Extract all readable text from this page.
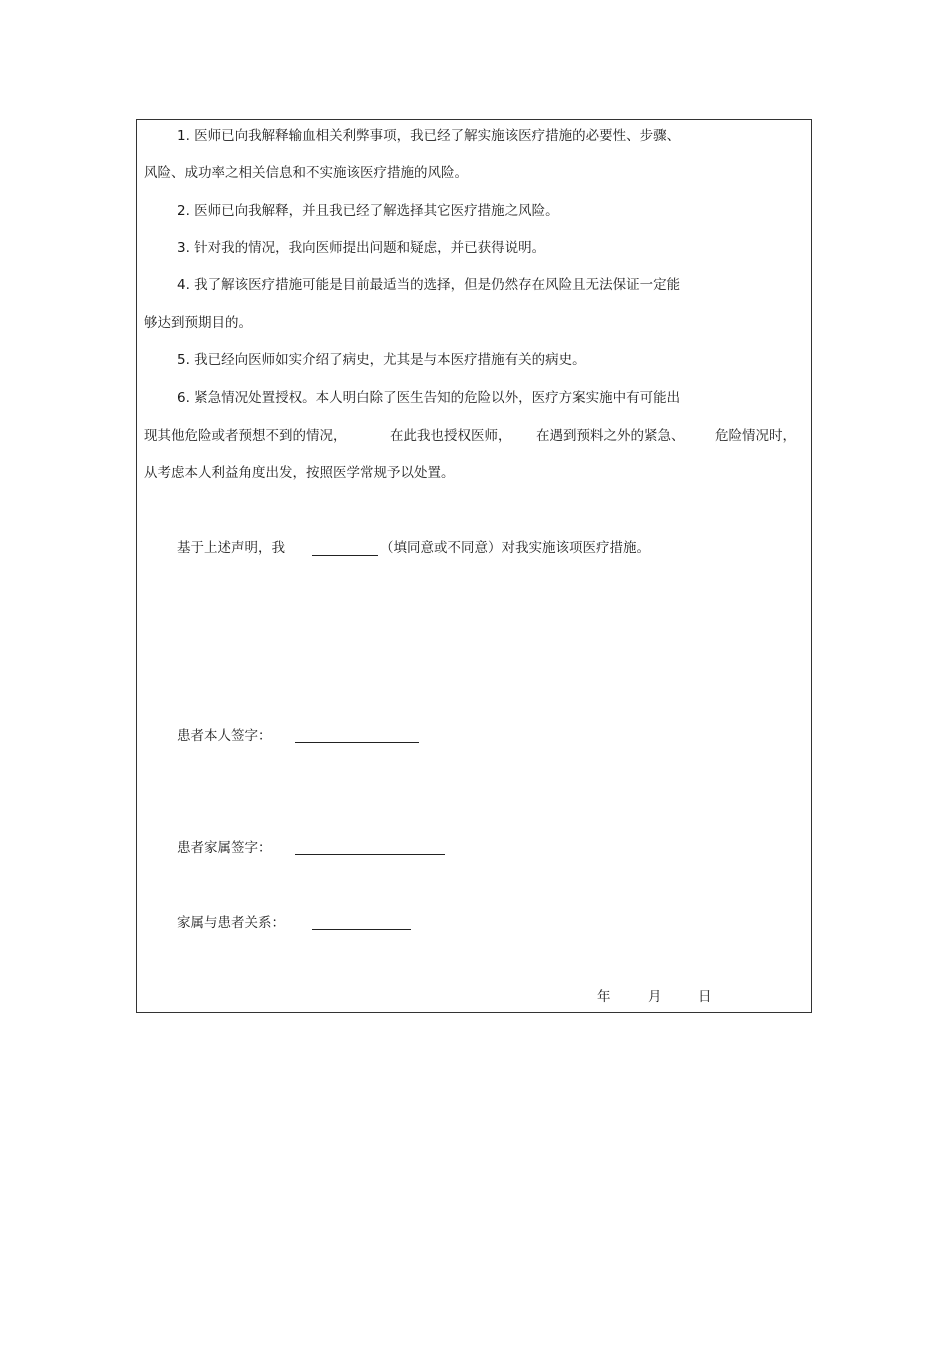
1. 医师已向我解释输血相关利弊事项，我已经了解实施该医疗措施的必要性、步骤、
风险、成功率之相关信息和不实施该医疗措施的风险。
2. 医师已向我解释，并且我已经了解选择其它医疗措施之风险。
3. 针对我的情况，我向医师提出问题和疑虑，并已获得说明。
4. 我了解该医疗措施可能是目前最适当的选择，但是仍然存在风险且无法保证一定能
够达到预期目的。
5. 我已经向医师如实介绍了病史，尤其是与本医疗措施有关的病史。
6. 紧急情况处置授权。本人明白除了医生告知的危险以外，医疗方案实施中有可能出
现其他危险或者预想不到的情况，	在此我也授权医师， 在遇到预料之外的紧急、 危险情况时，
从考虑本人利益角度出发，按照医学常规予以处置。
基于上述声明，我	（填同意或不同意）对我实施该项医疗措施。
患者本人签字：
患者家属签字：
家属与患者关系：
年	月	日
